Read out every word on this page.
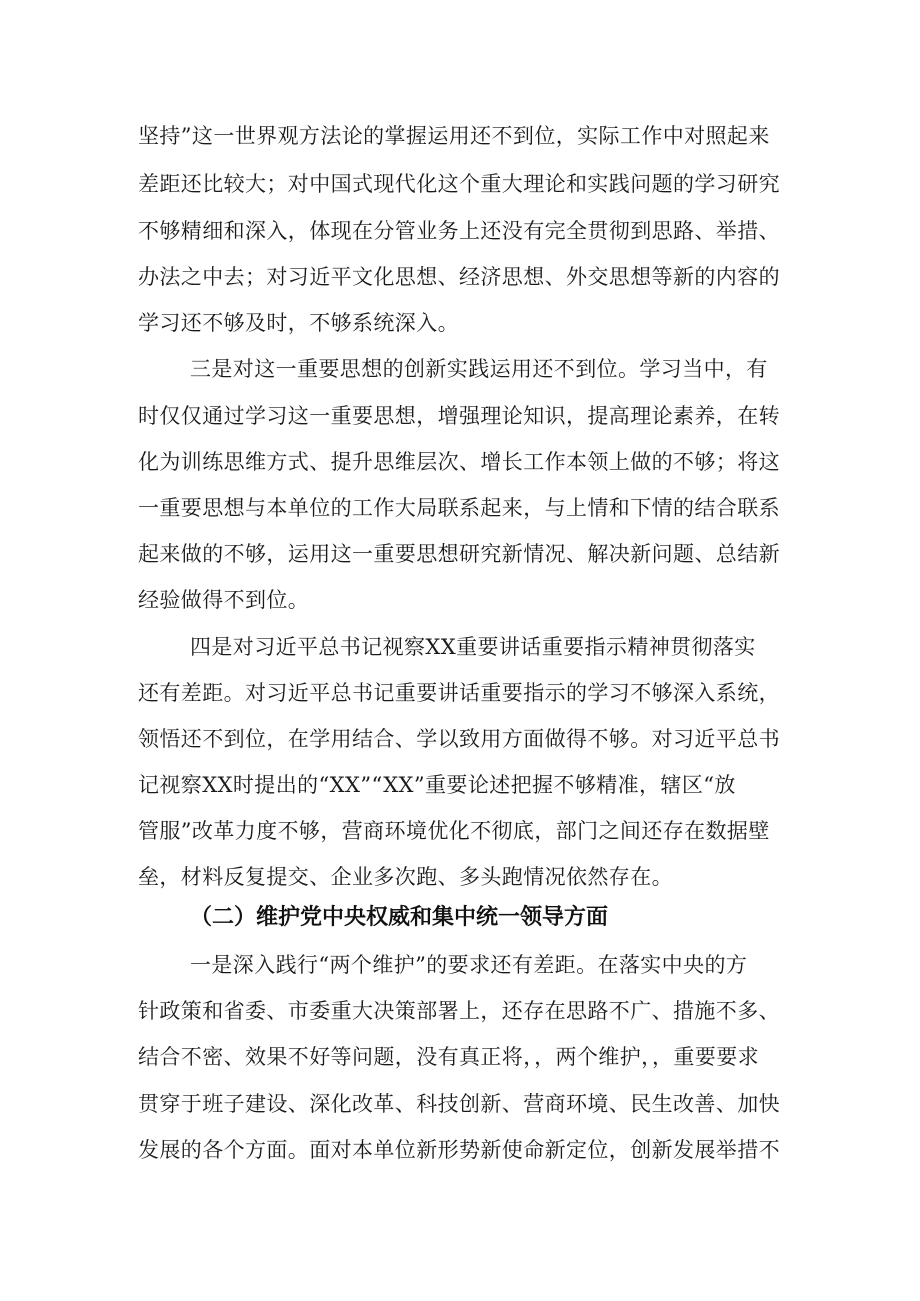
坚持”这一世界观方法论的掌握运用还不到位，实际工作中对照起来
差距还比较大；对中国式现代化这个重大理论和实践问题的学习研究
不够精细和深入，体现在分管业务上还没有完全贯彻到思路、举措、
办法之中去；对习近平文化思想、经济思想、外交思想等新的内容的
学习还不够及时，不够系统深入。
三是对这一重要思想的创新实践运用还不到位。学习当中，有
时仅仅通过学习这一重要思想，增强理论知识，提高理论素养，在转
化为训练思维方式、提升思维层次、增长工作本领上做的不够；将这
一重要思想与本单位的工作大局联系起来，与上情和下情的结合联系
起来做的不够，运用这一重要思想研究新情况、解决新问题、总结新
经验做得不到位。
四是对习近平总书记视察XX重要讲话重要指示精神贯彻落实
还有差距。对习近平总书记重要讲话重要指示的学习不够深入系统，
领悟还不到位，在学用结合、学以致用方面做得不够。对习近平总书
记视察XX时提出的“XX”“XX”重要论述把握不够精准，辖区“放
管服”改革力度不够，营商环境优化不彻底，部门之间还存在数据壁
垒，材料反复提交、企业多次跑、多头跑情况依然存在。
（二）维护党中央权威和集中统一领导方面
一是深入践行“两个维护”的要求还有差距。在落实中央的方
针政策和省委、市委重大决策部署上，还存在思路不广、措施不多、
结合不密、效果不好等问题，没有真正将，，两个维护，，重要要求
贯穿于班子建设、深化改革、科技创新、营商环境、民生改善、加快
发展的各个方面。面对本单位新形势新使命新定位，创新发展举措不
